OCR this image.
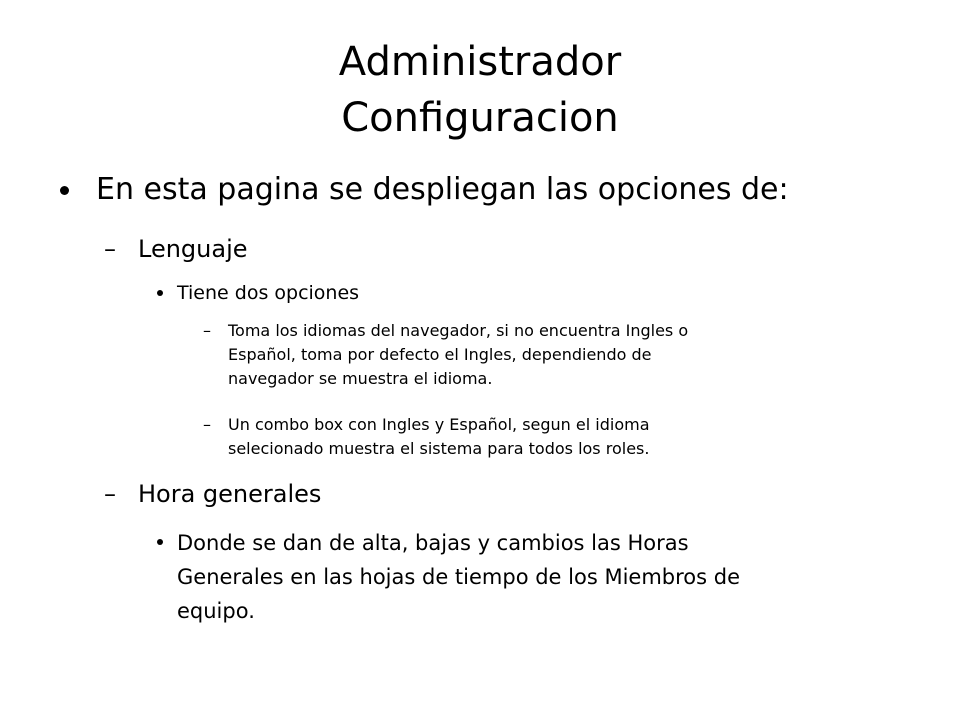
Administrador
Configuracion

En esta pagina se despliegan las opciones de:

– Lenguaje

Tiene dos opciones

– Toma los idiomas del navegador, si no encuentra Ingles o

Español, toma por defecto el Ingles, dependiendo de

navegador se muestra el idioma.

– Un combo box con Ingles y Español, segun el idioma

selecionado muestra el sistema para todos los roles.

– Hora generales

Donde se dan de alta, bajas y cambios las Horas

Generales en las hojas de tiempo de los Miembros de

equipo.
